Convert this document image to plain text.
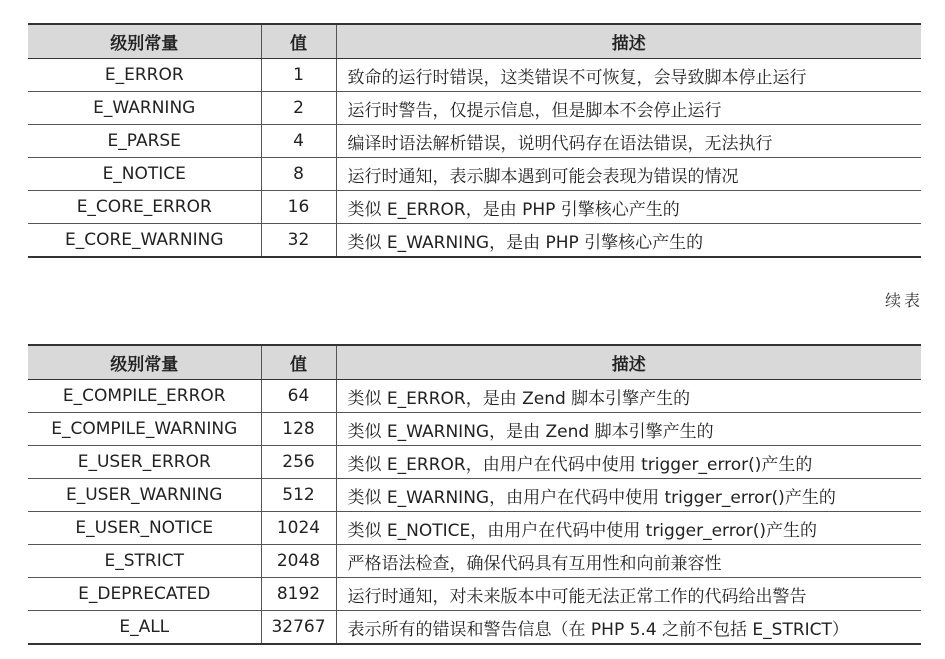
级别常量	值	描述
E_ERROR	1	致命的运行时错误，这类错误不可恢复，会导致脚本停止运行
E_WARNING	2	运行时警告，仅提示信息，但是脚本不会停止运行
E_PARSE	4	编译时语法解析错误，说明代码存在语法错误，无法执行
E_NOTICE	8	运行时通知，表示脚本遇到可能会表现为错误的情况
E_CORE_ERROR	16	类似 E_ERROR，是由 PHP 引擎核心产生的
E_CORE_WARNING	32	类似 E_WARNING，是由 PHP 引擎核心产生的
续表
级别常量	值	描述
E_COMPILE_ERROR	64	类似 E_ERROR，是由 Zend 脚本引擎产生的
E_COMPILE_WARNING	128	类似 E_WARNING，是由 Zend 脚本引擎产生的
E_USER_ERROR	256	类似 E_ERROR，由用户在代码中使用 trigger_error()产生的
E_USER_WARNING	512	类似 E_WARNING，由用户在代码中使用 trigger_error()产生的
E_USER_NOTICE	1024	类似 E_NOTICE，由用户在代码中使用 trigger_error()产生的
E_STRICT	2048	严格语法检查，确保代码具有互用性和向前兼容性
E_DEPRECATED	8192	运行时通知，对未来版本中可能无法正常工作的代码给出警告
E_ALL	32767	表示所有的错误和警告信息（在 PHP 5.4 之前不包括 E_STRICT）
